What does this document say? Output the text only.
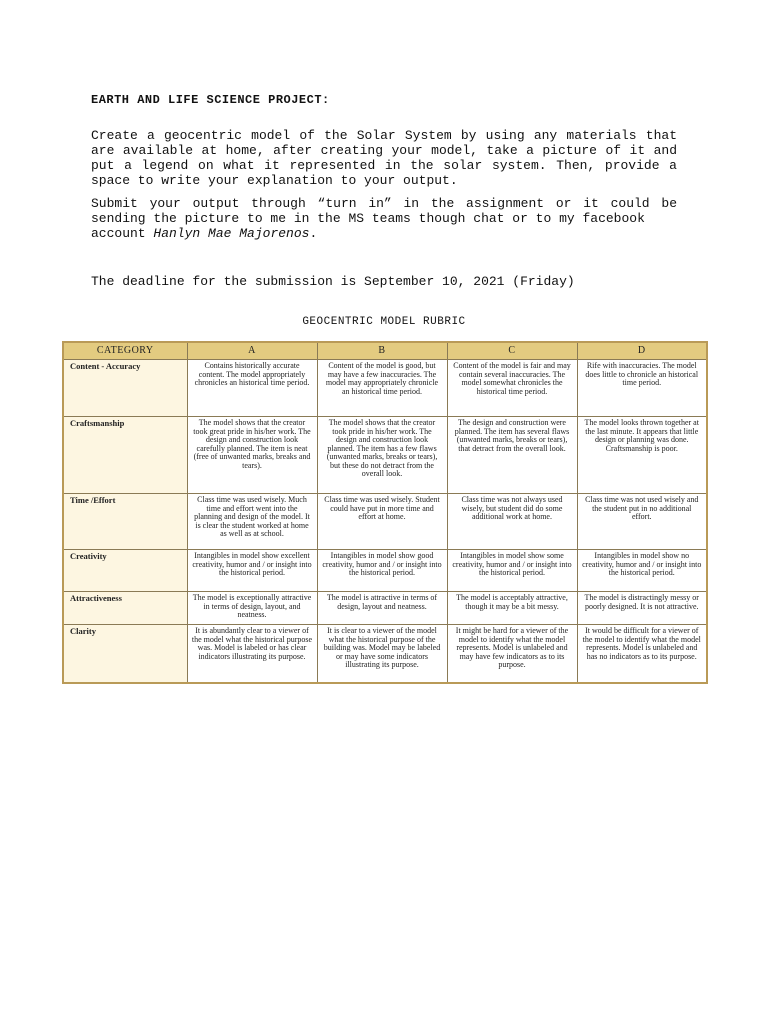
EARTH AND LIFE SCIENCE PROJECT:
Create a geocentric model of the Solar System by using any materials that are available at home, after creating your model, take a picture of it and put a legend on what it represented in the solar system. Then, provide a space to write your explanation to your output.
Submit your output through “turn in” in the assignment or it could be sending the picture to me in the MS teams though chat or to my facebook
account Hanlyn Mae Majorenos.
The deadline for the submission is September 10, 2021 (Friday)
GEOCENTRIC MODEL RUBRIC
CATEGORY	A	B	C	D
Content - Accuracy	Contains historically accurate content. The model appropriately chronicles an historical time period.	Content of the model is good, but may have a few inaccuracies. The model may appropriately chronicle an historical time period.	Content of the model is fair and may contain several inaccuracies. The model somewhat chronicles the historical time period.	Rife with inaccuracies. The model does little to chronicle an historical time period.
Craftsmanship	The model shows that the creator took great pride in his/her work. The design and construction look carefully planned. The item is neat (free of unwanted marks, breaks and tears).	The model shows that the creator took pride in his/her work. The design and construction look planned. The item has a few flaws (unwanted marks, breaks or tears), but these do not detract from the overall look.	The design and construction were planned. The item has several flaws (unwanted marks, breaks or tears), that detract from the overall look.	The model looks thrown together at the last minute. It appears that little design or planning was done. Craftsmanship is poor.
Time /Effort	Class time was used wisely. Much time and effort went into the planning and design of the model. It is clear the student worked at home as well as at school.	Class time was used wisely. Student could have put in more time and effort at home.	Class time was not always used wisely, but student did do some additional work at home.	Class time was not used wisely and the student put in no additional effort.
Creativity	Intangibles in model show excellent creativity, humor and / or insight into the historical period.	Intangibles in model show good creativity, humor and / or insight into the historical period.	Intangibles in model show some creativity, humor and / or insight into the historical period.	Intangibles in model show no creativity, humor and / or insight into the historical period.
Attractiveness	The model is exceptionally attractive in terms of design, layout, and neatness.	The model is attractive in terms of design, layout and neatness.	The model is acceptably attractive, though it may be a bit messy.	The model is distractingly messy or poorly designed. It is not attractive.
Clarity	It is abundantly clear to a viewer of the model what the historical purpose was. Model is labeled or has clear indicators illustrating its purpose.	It is clear to a viewer of the model what the historical purpose of the building was. Model may be labeled or may have some indicators illustrating its purpose.	It might be hard for a viewer of the model to identify what the model represents. Model is unlabeled and may have few indicators as to its purpose.	It would be difficult for a viewer of the model to identify what the model represents. Model is unlabeled and has no indicators as to its purpose.
